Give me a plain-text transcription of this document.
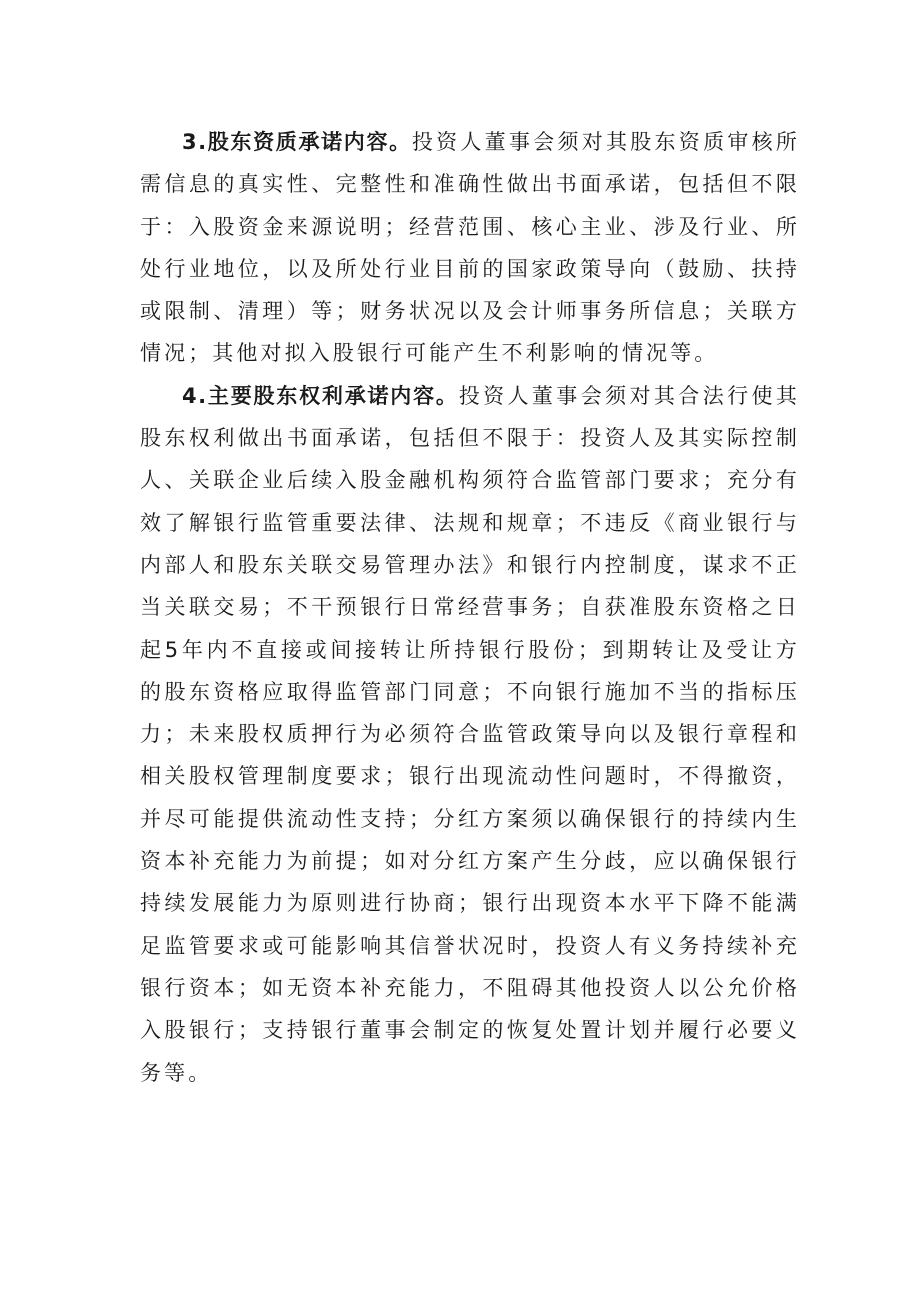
3.股东资质承诺内容。投资人董事会须对其股东资质审核所需信息的真实性、完整性和准确性做出书面承诺，包括但不限于：入股资金来源说明；经营范围、核心主业、涉及行业、所处行业地位，以及所处行业目前的国家政策导向（鼓励、扶持或限制、清理）等；财务状况以及会计师事务所信息；关联方情况；其他对拟入股银行可能产生不利影响的情况等。

4.主要股东权利承诺内容。投资人董事会须对其合法行使其股东权利做出书面承诺，包括但不限于：投资人及其实际控制人、关联企业后续入股金融机构须符合监管部门要求；充分有效了解银行监管重要法律、法规和规章；不违反《商业银行与内部人和股东关联交易管理办法》和银行内控制度，谋求不正当关联交易；不干预银行日常经营事务；自获准股东资格之日起5年内不直接或间接转让所持银行股份；到期转让及受让方的股东资格应取得监管部门同意；不向银行施加不当的指标压力；未来股权质押行为必须符合监管政策导向以及银行章程和相关股权管理制度要求；银行出现流动性问题时，不得撤资，并尽可能提供流动性支持；分红方案须以确保银行的持续内生资本补充能力为前提；如对分红方案产生分歧，应以确保银行持续发展能力为原则进行协商；银行出现资本水平下降不能满足监管要求或可能影响其信誉状况时，投资人有义务持续补充银行资本；如无资本补充能力，不阻碍其他投资人以公允价格入股银行；支持银行董事会制定的恢复处置计划并履行必要义务等。
